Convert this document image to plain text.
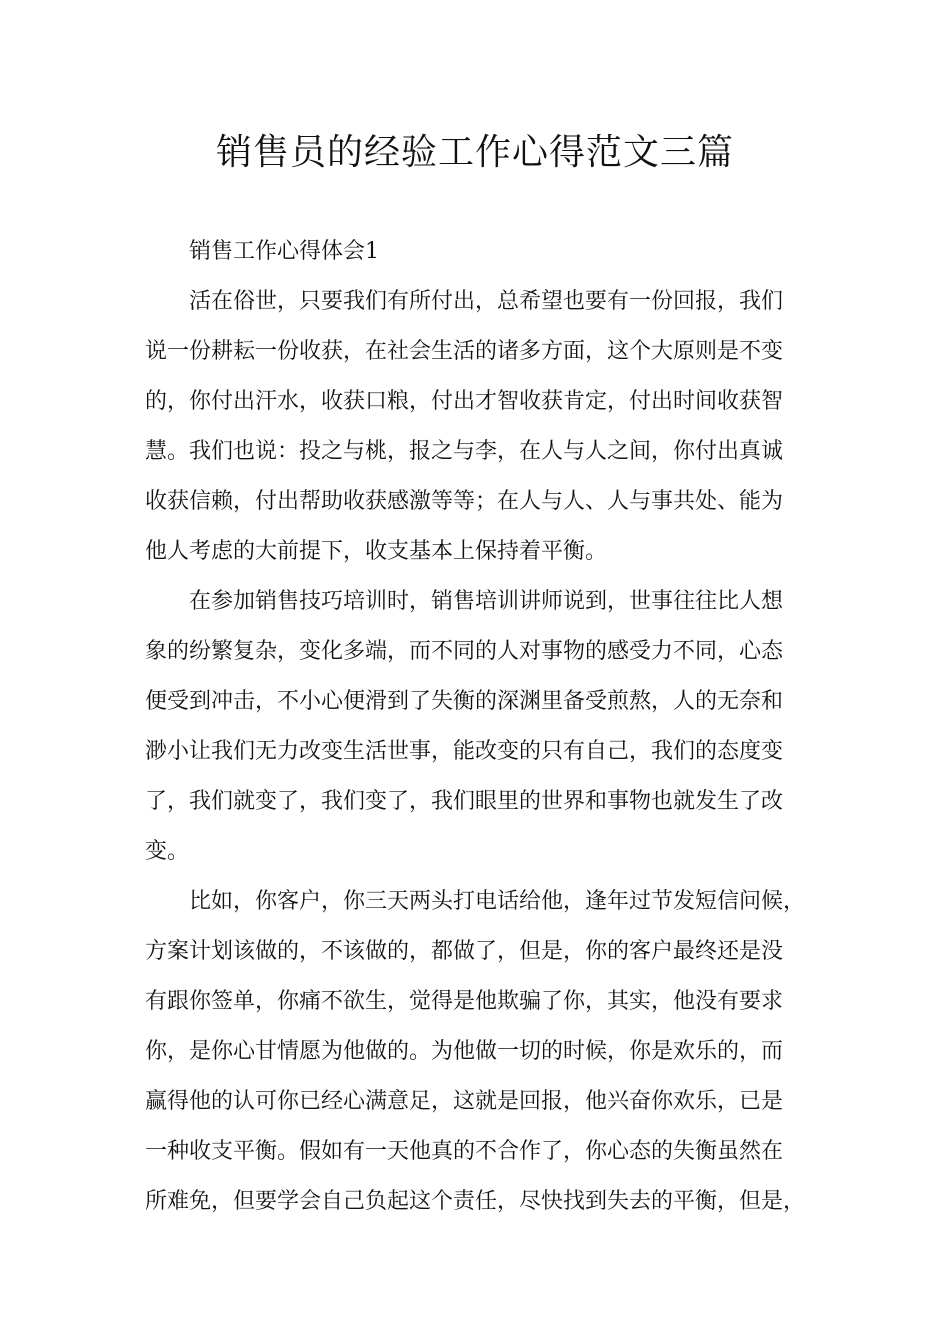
销售员的经验工作心得范文三篇
销售工作心得体会1
活在俗世，只要我们有所付出，总希望也要有一份回报，我们
说一份耕耘一份收获，在社会生活的诸多方面，这个大原则是不变
的，你付出汗水，收获口粮，付出才智收获肯定，付出时间收获智
慧。我们也说：投之与桃，报之与李，在人与人之间，你付出真诚
收获信赖，付出帮助收获感激等等；在人与人、人与事共处、能为
他人考虑的大前提下，收支基本上保持着平衡。
在参加销售技巧培训时，销售培训讲师说到，世事往往比人想
象的纷繁复杂，变化多端，而不同的人对事物的感受力不同，心态
便受到冲击，不小心便滑到了失衡的深渊里备受煎熬，人的无奈和
渺小让我们无力改变生活世事，能改变的只有自己，我们的态度变
了，我们就变了，我们变了，我们眼里的世界和事物也就发生了改
变。
比如，你客户，你三天两头打电话给他，逢年过节发短信问候，
方案计划该做的，不该做的，都做了，但是，你的客户最终还是没
有跟你签单，你痛不欲生，觉得是他欺骗了你，其实，他没有要求
你，是你心甘情愿为他做的。为他做一切的时候，你是欢乐的，而
赢得他的认可你已经心满意足，这就是回报，他兴奋你欢乐，已是
一种收支平衡。假如有一天他真的不合作了，你心态的失衡虽然在
所难免，但要学会自己负起这个责任，尽快找到失去的平衡，但是，
